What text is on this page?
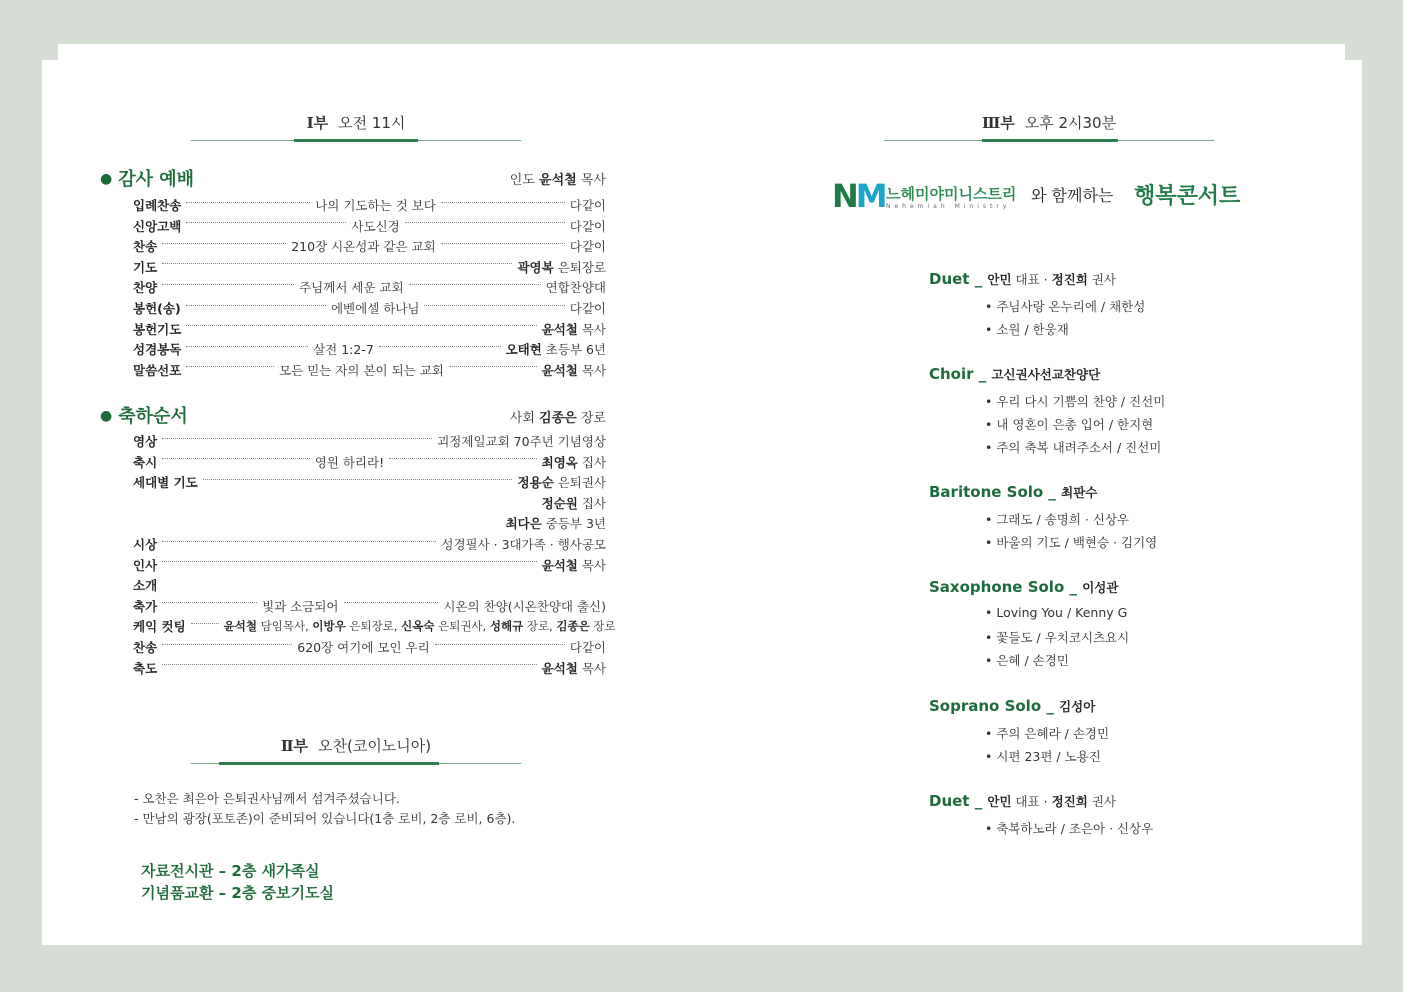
Ⅰ부 오전 11시
● 감사 예배	인도 윤석철 목사
입례찬송	나의 기도하는 것 보다	다같이
신앙고백	사도신경	다같이
찬송	210장 시온성과 같은 교회	다같이
기도	곽영복 은퇴장로
찬양	주님께서 세운 교회	연합찬양대
봉헌(송)	에벤에셀 하나님	다같이
봉헌기도	윤석철 목사
성경봉독	살전 1:2-7	오태현 초등부 6년
말씀선포	모든 믿는 자의 본이 되는 교회	윤석철 목사
● 축하순서	사회 김종은 장로
영상	괴정제일교회 70주년 기념영상
축시	영원 하리라!	최영옥 집사
세대별 기도	정용순 은퇴권사
정순원 집사
최다은 중등부 3년
시상	성경필사 · 3대가족 · 행사공모
인사	윤석철 목사
소개
축가	빛과 소금되어	시온의 찬양(시온찬양대 출신)
케익 컷팅	윤석철 담임목사, 이방우 은퇴장로, 신옥숙 은퇴권사, 성해규 장로, 김종은 장로
찬송	620장 여기에 모인 우리	다같이
축도	윤석철 목사
Ⅱ부 오찬(코이노니아)
- 오찬은 최은아 은퇴권사님께서 섬겨주셨습니다.
- 만남의 광장(포토존)이 준비되어 있습니다(1층 로비, 2층 로비, 6층).
자료전시관 – 2층 새가족실
기념품교환 – 2층 중보기도실
Ⅲ부 오후 2시30분
NM 느헤미야미니스트리
Nehemiah Ministry
와 함께하는 행복콘서트
Duet _ 안민 대표 · 정진희 권사
• 주님사랑 온누리에 / 채한성
• 소원 / 한웅재
Choir _ 고신권사선교찬양단
• 우리 다시 기쁨의 찬양 / 진선미
• 내 영혼이 은총 입어 / 한지현
• 주의 축복 내려주소서 / 진선미
Baritone Solo _ 최판수
• 그래도 / 송명희 · 신상우
• 바울의 기도 / 백현승 · 김기영
Saxophone Solo _ 이성관
• Loving You / Kenny G
• 꽃들도 / 우치코시츠요시
• 은혜 / 손경민
Soprano Solo _ 김성아
• 주의 은혜라 / 손경민
• 시편 23편 / 노용진
Duet _ 안민 대표 · 정진희 권사
• 축복하노라 / 조은아 · 신상우
